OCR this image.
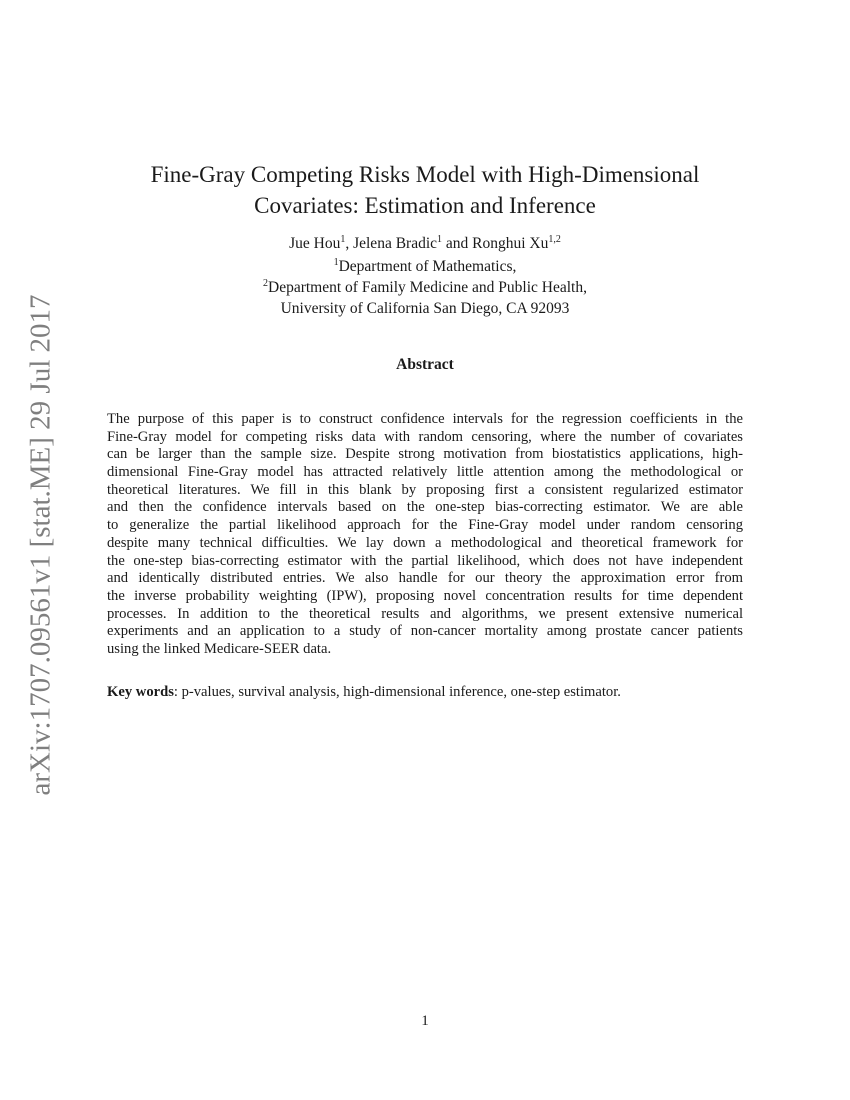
arXiv:1707.09561v1 [stat.ME] 29 Jul 2017
Fine-Gray Competing Risks Model with High-Dimensional
Covariates: Estimation and Inference
Jue Hou$^1$, Jelena Bradic$^1$ and Ronghui Xu$^{1,2}$
$^1$Department of Mathematics,
$^2$Department of Family Medicine and Public Health,
University of California San Diego, CA 92093
Abstract
The purpose of this paper is to construct confidence intervals for the regression coefficients in the
Fine-Gray model for competing risks data with random censoring, where the number of covariates
can be larger than the sample size. Despite strong motivation from biostatistics applications, high-
dimensional Fine-Gray model has attracted relatively little attention among the methodological or
theoretical literatures. We fill in this blank by proposing first a consistent regularized estimator
and then the confidence intervals based on the one-step bias-correcting estimator. We are able
to generalize the partial likelihood approach for the Fine-Gray model under random censoring
despite many technical difficulties. We lay down a methodological and theoretical framework for
the one-step bias-correcting estimator with the partial likelihood, which does not have independent
and identically distributed entries. We also handle for our theory the approximation error from
the inverse probability weighting (IPW), proposing novel concentration results for time dependent
processes. In addition to the theoretical results and algorithms, we present extensive numerical
experiments and an application to a study of non-cancer mortality among prostate cancer patients
using the linked Medicare-SEER data.
Key words: p-values, survival analysis, high-dimensional inference, one-step estimator.
1
